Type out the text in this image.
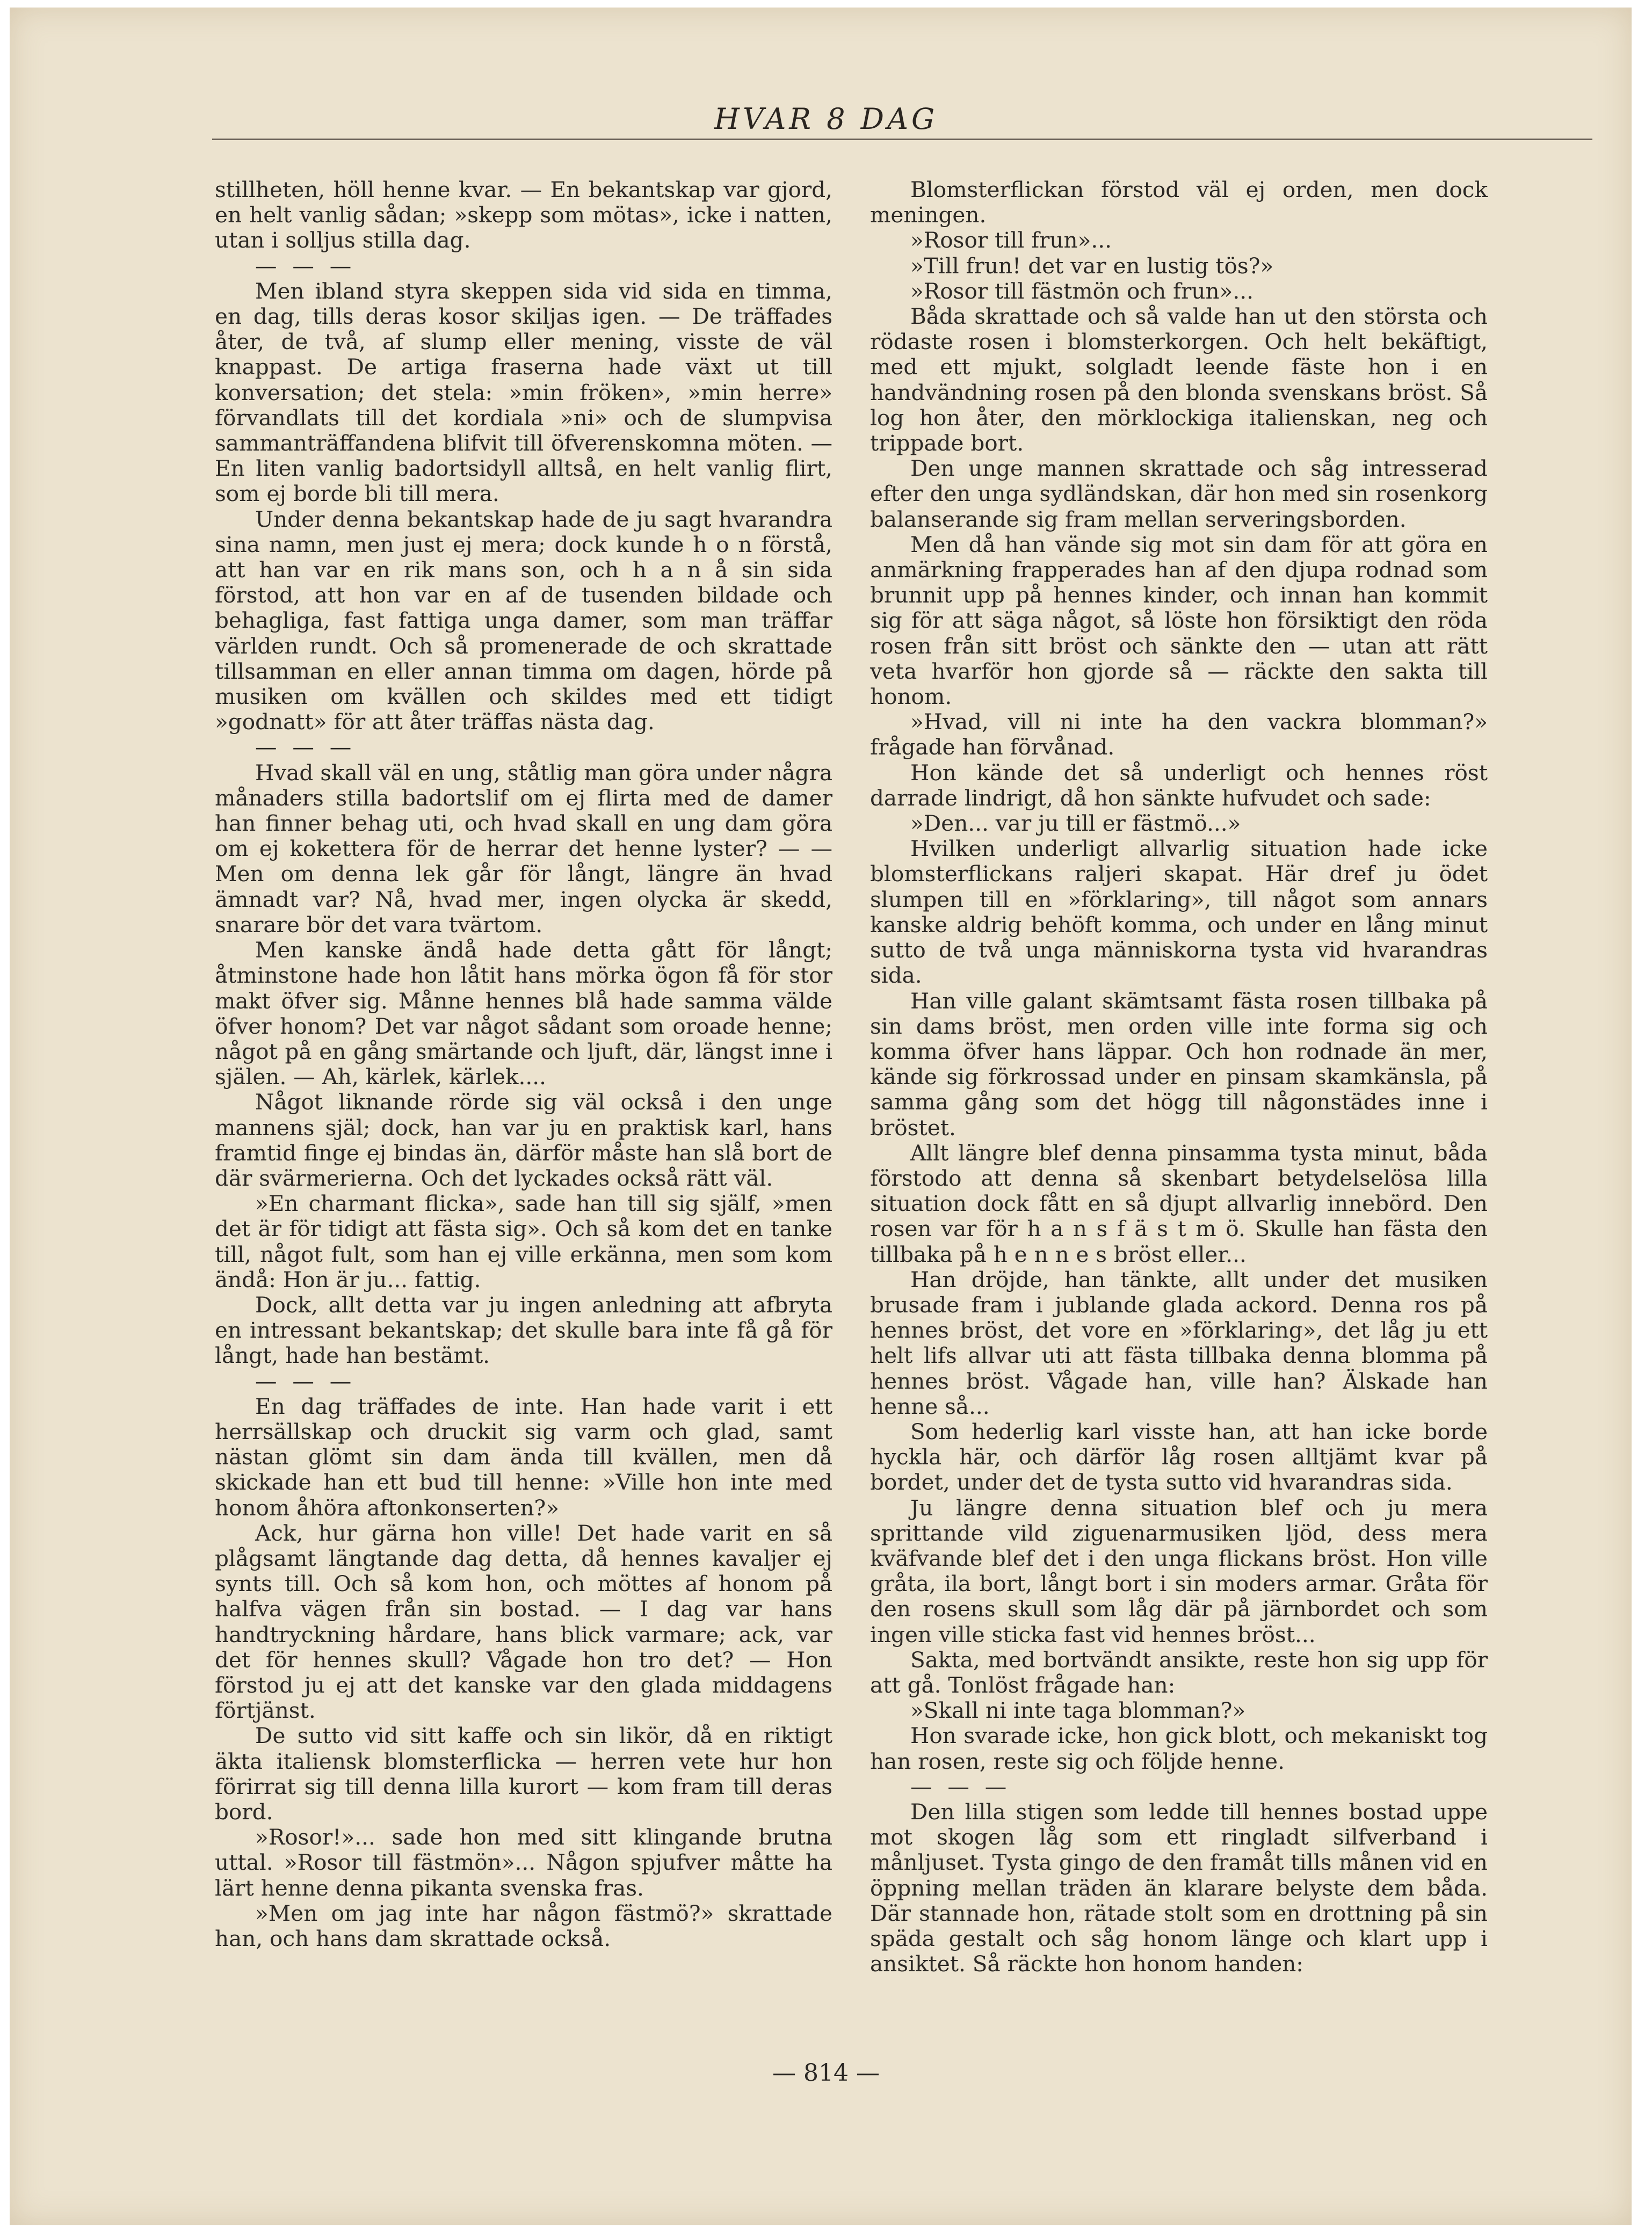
HVAR 8 DAG

stillheten, höll henne kvar. — En bekantskap var gjord, en helt vanlig sådan; »skepp som mötas», icke i natten, utan i solljus stilla dag.

— — —

Men ibland styra skeppen sida vid sida en timma, en dag, tills deras kosor skiljas igen. — De träffades åter, de två, af slump eller mening, visste de väl knappast. De artiga fraserna hade växt ut till konversation; det stela: »min fröken», »min herre» förvandlats till det kordiala »ni» och de slumpvisa sammanträffandena blifvit till öfverenskomna möten. — En liten vanlig badortsidyll alltså, en helt vanlig flirt, som ej borde bli till mera.

Under denna bekantskap hade de ju sagt hvarandra sina namn, men just ej mera; dock kunde h o n förstå, att han var en rik mans son, och h a n å sin sida förstod, att hon var en af de tusenden bildade och behagliga, fast fattiga unga damer, som man träffar världen rundt. Och så promenerade de och skrattade tillsamman en eller annan timma om dagen, hörde på musiken om kvällen och skildes med ett tidigt »godnatt» för att åter träffas nästa dag.

— — —

Hvad skall väl en ung, ståtlig man göra under några månaders stilla badortslif om ej flirta med de damer han finner behag uti, och hvad skall en ung dam göra om ej kokettera för de herrar det henne lyster? — —Men om denna lek går för långt, längre än hvad ämnadt var? Nå, hvad mer, ingen olycka är skedd, snarare bör det vara tvärtom.

Men kanske ändå hade detta gått för långt; åtminstone hade hon låtit hans mörka ögon få för stor makt öfver sig. Månne hennes blå hade samma välde öfver honom? Det var något sådant som oroade henne; något på en gång smärtande och ljuft, där, längst inne i själen. — Ah, kärlek, kärlek....

Något liknande rörde sig väl också i den unge mannens själ; dock, han var ju en praktisk karl, hans framtid finge ej bindas än, därför måste han slå bort de där svärmerierna. Och det lyckades också rätt väl.

»En charmant flicka», sade han till sig själf, »men det är för tidigt att fästa sig». Och så kom det en tanke till, något fult, som han ej ville erkänna, men som kom ändå: Hon är ju... fattig.

Dock, allt detta var ju ingen anledning att afbryta en intressant bekantskap; det skulle bara inte få gå för långt, hade han bestämt.

— — —

En dag träffades de inte. Han hade varit i ett herrsällskap och druckit sig varm och glad, samt nästan glömt sin dam ända till kvällen, men då skickade han ett bud till henne: »Ville hon inte med honom åhöra aftonkonserten?»

Ack, hur gärna hon ville! Det hade varit en så plågsamt längtande dag detta, då hennes kavaljer ej synts till. Och så kom hon, och möttes af honom på halfva vägen från sin bostad. — I dag var hans handtryckning hårdare, hans blick varmare; ack, var det för hennes skull? Vågade hon tro det? — Hon förstod ju ej att det kanske var den glada middagens förtjänst.

De sutto vid sitt kaffe och sin likör, då en riktigt äkta italiensk blomsterflicka — herren vete hur hon förirrat sig till denna lilla kurort — kom fram till deras bord.

»Rosor!»... sade hon med sitt klingande brutna uttal. »Rosor till fästmön»... Någon spjufver måtte ha lärt henne denna pikanta svenska fras.

»Men om jag inte har någon fästmö?» skrattade han, och hans dam skrattade också.

Blomsterflickan förstod väl ej orden, men dock meningen.

»Rosor till frun»...

»Till frun! det var en lustig tös?»

»Rosor till fästmön och frun»...

Båda skrattade och så valde han ut den största och rödaste rosen i blomsterkorgen. Och helt bekäftigt, med ett mjukt, solgladt leende fäste hon i en handvändning rosen på den blonda svenskans bröst. Så log hon åter, den mörklockiga italienskan, neg och trippade bort.

Den unge mannen skrattade och såg intresserad efter den unga sydländskan, där hon med sin rosenkorg balanserande sig fram mellan serveringsborden.

Men då han vände sig mot sin dam för att göra en anmärkning frapperades han af den djupa rodnad som brunnit upp på hennes kinder, och innan han kommit sig för att säga något, så löste hon försiktigt den röda rosen från sitt bröst och sänkte den — utan att rätt veta hvarför hon gjorde så — räckte den sakta till honom.

»Hvad, vill ni inte ha den vackra blomman?» frågade han förvånad.

Hon kände det så underligt och hennes röst darrade lindrigt, då hon sänkte hufvudet och sade:

»Den... var ju till er fästmö...»

Hvilken underligt allvarlig situation hade icke blomsterflickans raljeri skapat. Här dref ju ödet slumpen till en »förklaring», till något som annars kanske aldrig behöft komma, och under en lång minut sutto de två unga människorna tysta vid hvarandras sida.

Han ville galant skämtsamt fästa rosen tillbaka på sin dams bröst, men orden ville inte forma sig och komma öfver hans läppar. Och hon rodnade än mer, kände sig förkrossad under en pinsam skamkänsla, på samma gång som det högg till någonstädes inne i bröstet.

Allt längre blef denna pinsamma tysta minut, båda förstodo att denna så skenbart betydelselösa lilla situation dock fått en så djupt allvarlig innebörd. Den rosen var för h a n s f ä s t m ö. Skulle han fästa den tillbaka på h e n n e s bröst eller...

Han dröjde, han tänkte, allt under det musiken brusade fram i jublande glada ackord. Denna ros på hennes bröst, det vore en »förklaring», det låg ju ett helt lifs allvar uti att fästa tillbaka denna blomma på hennes bröst. Vågade han, ville han? Älskade han henne så...

Som hederlig karl visste han, att han icke borde hyckla här, och därför låg rosen alltjämt kvar på bordet, under det de tysta sutto vid hvarandras sida.

Ju längre denna situation blef och ju mera sprittande vild ziguenarmusiken ljöd, dess mera kväfvande blef det i den unga flickans bröst. Hon ville gråta, ila bort, långt bort i sin moders armar. Gråta för den rosens skull som låg där på järnbordet och som ingen ville sticka fast vid hennes bröst...

Sakta, med bortvändt ansikte, reste hon sig upp för att gå. Tonlöst frågade han:

»Skall ni inte taga blomman?»

Hon svarade icke, hon gick blott, och mekaniskt tog han rosen, reste sig och följde henne.

— — —

Den lilla stigen som ledde till hennes bostad uppe mot skogen låg som ett ringladt silfverband i månljuset. Tysta gingo de den framåt tills månen vid en öppning mellan träden än klarare belyste dem båda. Där stannade hon, rätade stolt som en drottning på sin späda gestalt och såg honom länge och klart upp i ansiktet. Så räckte hon honom handen:

— 814 —
